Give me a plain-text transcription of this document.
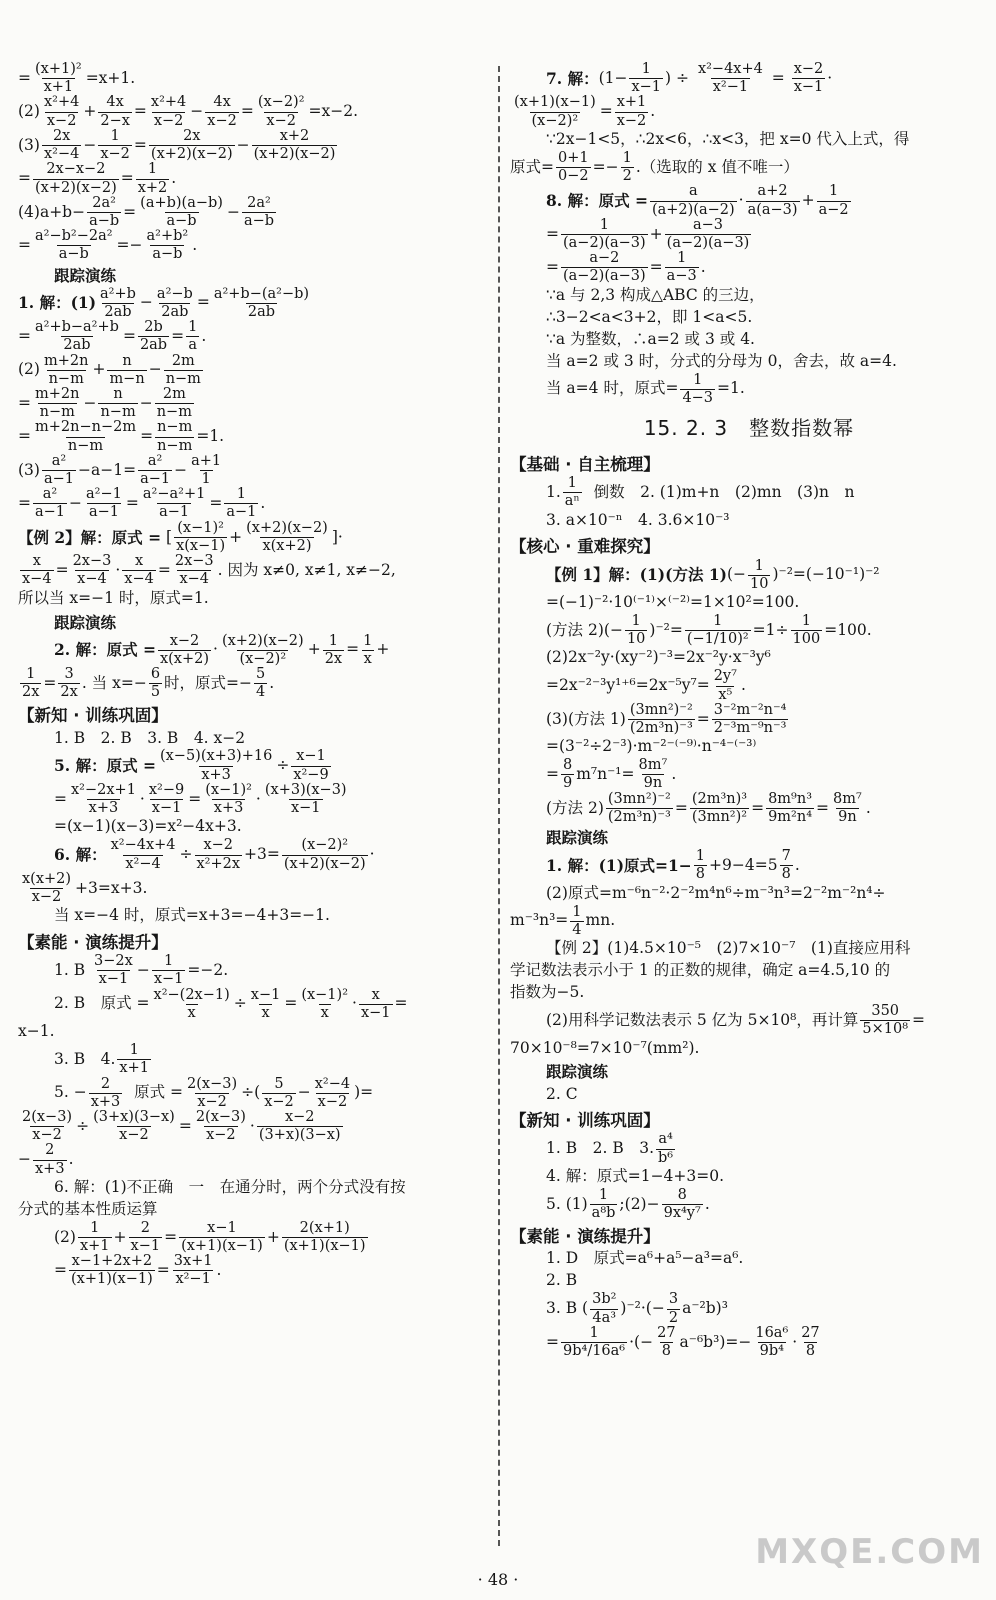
= $\frac{\text{(x+1)²}}{x+1} =x+1$.
$(2) \frac{\text{x²+4}}{x-2} + \frac{4x}{2-x} = \frac{\text{x²+4}}{x-2} - \frac{4x}{x-2} = \frac{\text{(x−2)²}}{x-2} =x-2$.
$(3) \frac{2x}{\text{x²−4}} - \frac{1}{x-2} = \frac{2x}{(x+2)(x-2)} - \frac{x+2}{(x+2)(x-2)}$
= $\frac{2x-x-2}{(x+2)(x-2)} = \frac{1}{x+2}$ .
$(4)a+b- \frac{\text{2a²}}{a-b} = \frac{(a+b)(a-b)}{a-b} - \frac{\text{2a²}}{a-b}$
= $\frac{\text{a²−b²−2a²}}{a-b} =- \frac{\text{a²+b²}}{a-b}$ .
跟踪演练
1. 解：$(1) \frac{\text{a²+b}}{2ab} - \frac{\text{a²−b}}{2ab} = \frac{\text{a²+b−(a²−b)}}{2ab}$
= $\frac{\text{a²+b−a²+b}}{2ab} = \frac{2b}{2ab} = \frac{1}{a}$ .
$(2) \frac{m+2n}{n-m} + \frac{n}{m-n} - \frac{2m}{n-m}$
= $\frac{m+2n}{n-m} - \frac{n}{n-m} - \frac{2m}{n-m}$
= $\frac{m+2n-n-2m}{n-m} = \frac{n-m}{n-m} =1$.
$(3) \frac{\text{a²}}{a-1} -a-1= \frac{\text{a²}}{a-1} - \frac{a+1}{1}$
= $\frac{\text{a²}}{a-1} - \frac{\text{a²−1}}{a-1} = \frac{\text{a²−a²+1}}{a-1} = \frac{1}{a-1}$ .
【例 2】解：原式 = [ $\frac{\text{(x−1)²}}{x(x-1)} + \frac{(x+2)(x-2)}{x(x+2)}$ ]·
$\frac{x}{x-4} = \frac{2x-3}{x-4} \cdot \frac{x}{x-4} = \frac{2x-3}{x-4}$ . 因为 x≠0, x≠1, x≠−2,
所以当 x=−1 时，原式=1.
跟踪演练
2. 解：原式 = $\frac{x-2}{x(x+2)} \cdot \frac{(x+2)(x-2)}{\text{(x−2)²}} + \frac{1}{2x} = \frac{1}{x}$ +
$\frac{1}{2x} = \frac{3}{2x}$ . 当 $x=- \frac{6}{5}$ 时，原式=− $\frac{5}{4}$ .
【新知 · 训练巩固】
1. B　2. B　3. B　4. x−2
5. 解：原式 = $\frac{(x-5)(x+3)+16}{x+3} \div \frac{x-1}{\text{x²−9}}$
= $\frac{\text{x²−2x+1}}{x+3} \cdot \frac{\text{x²−9}}{x-1} = \frac{\text{(x−1)²}}{x+3} \cdot \frac{(x+3)(x-3)}{x-1}$
=(x−1)(x−3)=x²−4x+3.
6. 解： $\frac{\text{x²−4x+4}}{\text{x²−4}} \div \frac{x-2}{\text{x²+2x}} +3= \frac{\text{(x−2)²}}{(x+2)(x-2)}$ ·
$\frac{x(x+2)}{x-2} +3=x+3$.
当 x=−4 时，原式=x+3=−4+3=−1.
【素能 · 演练提升】
1. B
$\frac{3-2x}{x-1} - \frac{1}{x-1} =-2$.
2. B　原式 = $\frac{\text{x²−(2x−1)}}{x} \div \frac{x-1}{x} = \frac{\text{(x−1)²}}{x} \cdot \frac{x}{x-1}$ =
x−1.
3. B　4. $\frac{1}{x+1}$
5. − $\frac{2}{x+3}$
原式 = $\frac{2(x-3)}{x-2}$ ÷( $\frac{5}{x-2} - \frac{\text{x²−4}}{x-2}$ )=
$\frac{2(x-3)}{x-2} \div \frac{(3+x)(3-x)}{x-2} = \frac{2(x-3)}{x-2} \cdot \frac{x-2}{(3+x)(3-x)}$
− $\frac{2}{x+3}$ .
6. 解：(1)不正确　一　在通分时，两个分式没有按
分式的基本性质运算
$(2) \frac{1}{x+1} + \frac{2}{x-1} = \frac{x-1}{(x+1)(x-1)} + \frac{2(x+1)}{(x+1)(x-1)}$
= $\frac{x-1+2x+2}{(x+1)(x-1)} = \frac{3x+1}{\text{x²−1}}$ .
7. 解： ($1- \frac{1}{x-1}$ ) ÷ $\frac{\text{x²−4x+4}}{\text{x²−1}} = \frac{x-2}{x-1}$ ·
$\frac{(x+1)(x-1)}{\text{(x−2)²}} = \frac{x+1}{x-2}$ .
∵2x−1<5，∴2x<6，∴x<3，把 x=0 代入上式，得
原式= $\frac{0+1}{0-2} =- \frac{1}{2}$ . （选取的 x 值不唯一）
8. 解：原式 = $\frac{a}{(a+2)(a-2)} \cdot \frac{a+2}{a(a-3)} + \frac{1}{a-2}$
= $\frac{1}{(a-2)(a-3)} + \frac{a-3}{(a-2)(a-3)}$
= $\frac{a-2}{(a-2)(a-3)} = \frac{1}{a-3}$ .
∵a 与 2,3 构成△ABC 的三边，
∴3−2<a<3+2，即 1<a<5.
∵a 为整数，∴a=2 或 3 或 4.
当 a=2 或 3 时，分式的分母为 0，舍去，故 a=4.
当 a=4 时，原式= $\frac{1}{4-3} =1$.
15. 2. 3　整数指数幂
【基础 · 自主梳理】
1. $\frac{1}{\text{aⁿ}}$
倒数　2. (1)m+n　(2)mn　(3)n　n
3. a×10⁻ⁿ　4. 3.6×10⁻³
【核心 · 重难探究】
【例 1】解：(1)(方法 1) (− $\frac{1}{10} )^{-2}=(-10^{-1})^{-2}$
=(−1)⁻²·10⁽⁻¹⁾×⁽⁻²⁾=1×10²=100.
(方法 2) (− $\frac{1}{10} )^{-2}= \frac{1}{\text{(−1/10)²}} =1\div \frac{1}{100} =100$.
(2)2x⁻²y·(xy⁻²)⁻³=2x⁻²y·x⁻³y⁶
$=2x^{-2-3}y^{1+6}=2x^{-5}y^7= \frac{\text{2y⁷}}{\text{x⁵}}$ .
(3)(方法 $1) \frac{\text{(3mn²)⁻²}}{\text{(2m³n)⁻³}} = \frac{\text{3⁻²m⁻²n⁻⁴}}{\text{2⁻³m⁻⁹n⁻³}}$
=(3⁻²÷2⁻³)·m⁻²⁻⁽⁻⁹⁾·n⁻⁴⁻⁽⁻³⁾
= $\frac{8}{9} m^7n^{-1}= \frac{\text{8m⁷}}{9n}$ .
(方法 $2) \frac{\text{(3mn²)⁻²}}{\text{(2m³n)⁻³}} = \frac{\text{(2m³n)³}}{\text{(3mn²)²}} = \frac{\text{8m⁹n³}}{\text{9m²n⁴}} = \frac{\text{8m⁷}}{9n}$ .
跟踪演练
1. 解：(1)原式$=1- \frac{1}{8} +9-4=5 \frac{7}{8}$ .
(2)原式=m⁻⁶n⁻²·2⁻²m⁴n⁶÷m⁻³n³=2⁻²m⁻²n⁴÷
$m^{-3}n^3= \frac{1}{4}$ mn.
【例 2】(1)4.5×10⁻⁵　(2)7×10⁻⁷　(1)直接应用科
学记数法表示小于 1 的正数的规律，确定 a=4.5,10 的
指数为−5.
(2)用科学记数法表示 5 亿为 5×10⁸，再计算 $\frac{350}{\text{5×10⁸}}$ =
70×10⁻⁸=7×10⁻⁷(mm²).
跟踪演练
2. C
【新知 · 训练巩固】
1. B　2. B　3. $\frac{\text{a⁴}}{\text{b⁶}}$
4. 解：原式=1−4+3=0.
5. $(1) \frac{1}{\text{a⁸b}}$ ;(2)− $\frac{8}{\text{9x⁴y⁷}}$ .
【素能 · 演练提升】
1. D　原式=a⁶+a⁵−a³=a⁶.
2. B
3. B ( $\frac{\text{3b²}}{\text{4a³}} )^{-2}$ ·(− $\frac{3}{2} a^{-2}b$ ) ³
= $\frac{1}{\text{9b⁴/16a⁶}}$ ·(− $\frac{27}{8} a^{-6}b^3)=- \frac{\text{16a⁶}}{\text{9b⁴}} \cdot \frac{27}{8}$
MXQE.COM
· 48 ·
